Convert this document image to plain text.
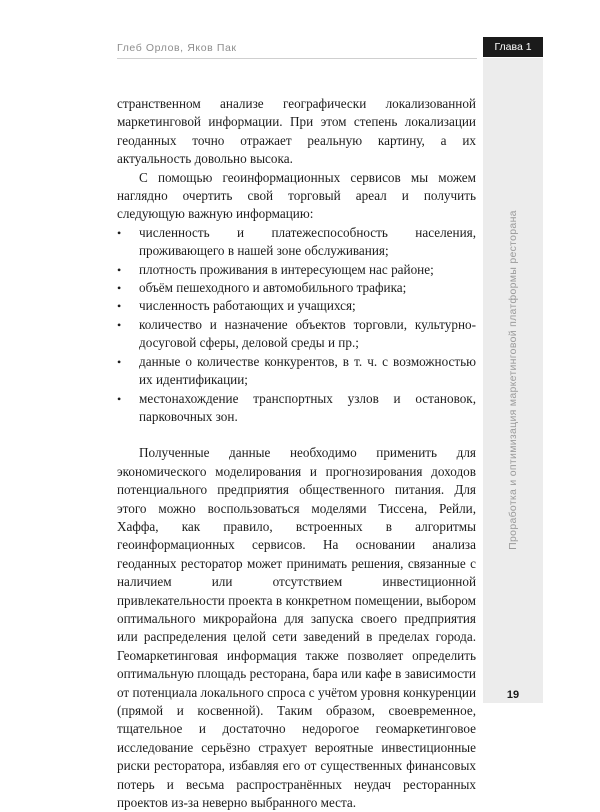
Глеб Орлов, Яков Пак	Глава 1
Проработка и оптимизация маркетинговой платформы ресторана

странственном анализе географически локализованной маркетинговой информации. При этом степень локализации геоданных точно отражает реальную картину, а их актуальность довольно высока.

С помощью геоинформационных сервисов мы можем наглядно очертить свой торговый ареал и получить следующую важную информацию:

• численность и платежеспособность населения, проживающего в нашей зоне обслуживания;
• плотность проживания в интересующем нас районе;
• объём пешеходного и автомобильного трафика;
• численность работающих и учащихся;
• количество и назначение объектов торговли, культурно-досуговой сферы, деловой среды и пр.;
• данные о количестве конкурентов, в т. ч. с возможностью их идентификации;
• местонахождение транспортных узлов и остановок, парковочных зон.

Полученные данные необходимо применить для экономического моделирования и прогнозирования доходов потенциального предприятия общественного питания. Для этого можно воспользоваться моделями Тиссена, Рейли, Хаффа, как правило, встроенных в алгоритмы геоинформационных сервисов. На основании анализа геоданных ресторатор может принимать решения, связанные с наличием или отсутствием инвестиционной привлекательности проекта в конкретном помещении, выбором оптимального микрорайона для запуска своего предприятия или распределения целой сети заведений в пределах города. Геомаркетинговая информация также позволяет определить оптимальную площадь ресторана, бара или кафе в зависимости от потенциала локального спроса с учётом уровня конкуренции (прямой и косвенной). Таким образом, своевременное, тщательное и достаточно недорогое геомаркетинговое исследование серьёзно страхует вероятные инвестиционные риски ресторатора, избавляя его от существенных финансовых потерь и весьма распространённых неудач ресторанных проектов из-за неверно выбранного места.

19
